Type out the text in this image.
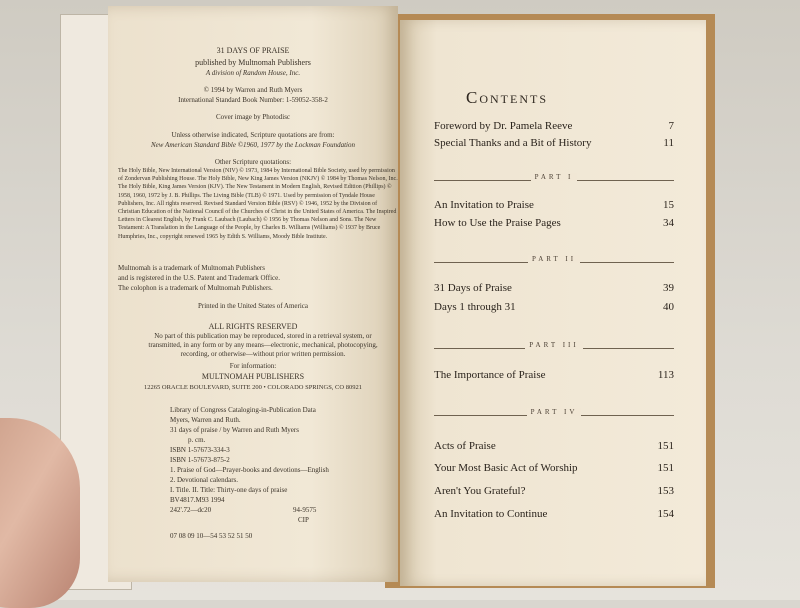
31 DAYS OF PRAISE
published by Multnomah Publishers
A division of Random House, Inc.
© 1994 by Warren and Ruth Myers
International Standard Book Number: 1-59052-358-2
Cover image by Photodisc
Unless otherwise indicated, Scripture quotations are from:
New American Standard Bible ©1960, 1977 by the Lockman Foundation
Other Scripture quotations:
The Holy Bible, New International Version (NIV) © 1973, 1984 by International Bible Society, used by permission of Zondervan Publishing House. The Holy Bible, New King James Version (NKJV) © 1984 by Thomas Nelson, Inc. The Holy Bible, King James Version (KJV). The New Testament in Modern English, Revised Edition (Phillips) © 1958, 1960, 1972 by J. B. Phillips. The Living Bible (TLB) © 1971. Used by permission of Tyndale House Publishers, Inc. All rights reserved. Revised Standard Version Bible (RSV) © 1946, 1952 by the Division of Christian Education of the National Council of the Churches of Christ in the United States of America. The Inspired Letters in Clearest English, by Frank C. Laubach (Laubach) © 1956 by Thomas Nelson and Sons. The New Testament: A Translation in the Language of the People, by Charles B. Williams (Williams) © 1937 by Bruce Humphries, Inc., copyright renewed 1965 by Edith S. Williams, Moody Bible Institute.
Multnomah is a trademark of Multnomah Publishers
and is registered in the U.S. Patent and Trademark Office.
The colophon is a trademark of Multnomah Publishers.
Printed in the United States of America
ALL RIGHTS RESERVED
No part of this publication may be reproduced, stored in a retrieval system, or transmitted, in any form or by any means—electronic, mechanical, photocopying, recording, or otherwise—without prior written permission.
For information:
MULTNOMAH PUBLISHERS
12265 ORACLE BOULEVARD, SUITE 200 • COLORADO SPRINGS, CO 80921
Library of Congress Cataloging-in-Publication Data
Myers, Warren and Ruth.
31 days of praise / by Warren and Ruth Myers
p. cm.
ISBN 1-57673-334-3
ISBN 1-57673-875-2
1. Praise of God—Prayer-books and devotions—English
2. Devotional calendars.
I. Title. II. Title: Thirty-one days of praise
BV4817.M93 1994
242'.72—dc20	94-9575
CIP
07 08 09 10—54 53 52 51 50
Contents
Foreword by Dr. Pamela Reeve	7
Special Thanks and a Bit of History	11
PART I
An Invitation to Praise	15
How to Use the Praise Pages	34
PART II
31 Days of Praise	39
Days 1 through 31	40
PART III
The Importance of Praise	113
PART IV
Acts of Praise	151
Your Most Basic Act of Worship	151
Aren't You Grateful?	153
An Invitation to Continue	154
